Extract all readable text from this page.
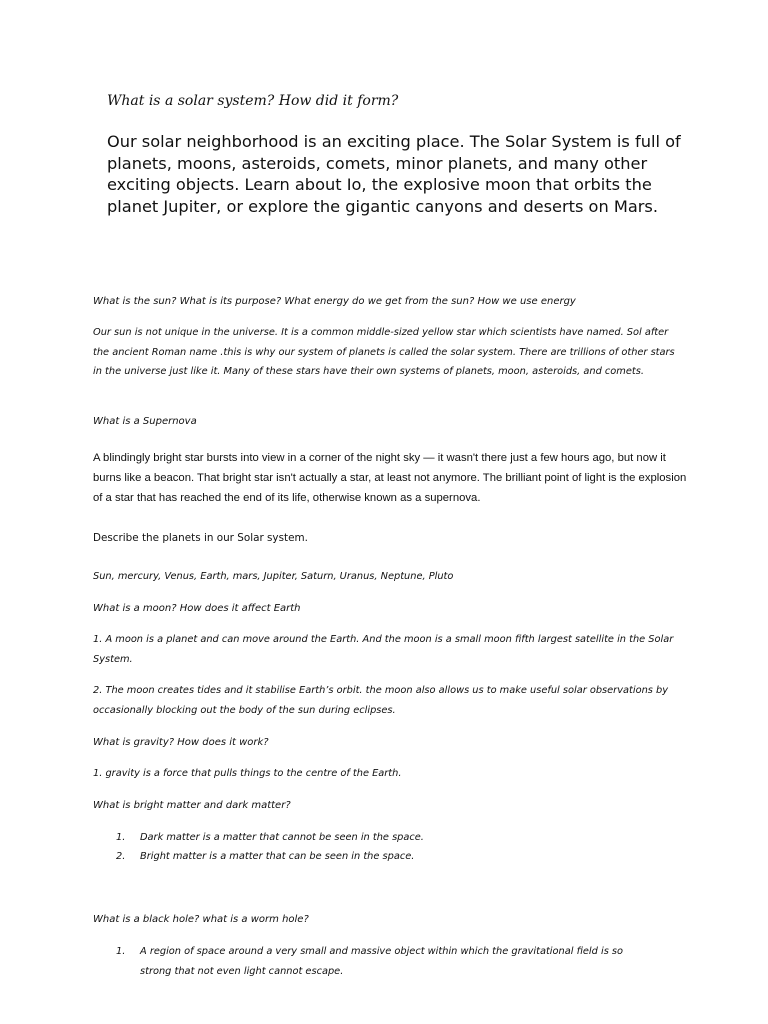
What is a solar system? How did it form?

Our solar neighborhood is an exciting place. The Solar System is full of planets, moons, asteroids, comets, minor planets, and many other exciting objects. Learn about Io, the explosive moon that orbits the planet Jupiter, or explore the gigantic canyons and deserts on Mars.

What is the sun? What is its purpose? What energy do we get from the sun? How we use energy

Our sun is not unique in the universe. It is a common middle-sized yellow star which scientists have named. Sol after the ancient Roman name .this is why our system of planets is called the solar system. There are trillions of other stars in the universe just like it. Many of these stars have their own systems of planets, moon, asteroids, and comets.

What is a Supernova

A blindingly bright star bursts into view in a corner of the night sky — it wasn't there just a few hours ago, but now it burns like a beacon. That bright star isn't actually a star, at least not anymore. The brilliant point of light is the explosion of a star that has reached the end of its life, otherwise known as a supernova.

Describe the planets in our Solar system.

Sun, mercury, Venus, Earth, mars, Jupiter, Saturn, Uranus, Neptune, Pluto

What is a moon? How does it affect Earth

1. A moon is a planet and can move around the Earth. And the moon is a small moon fifth largest satellite in the Solar System.

2. The moon creates tides and it stabilise Earth’s orbit. the moon also allows us to make useful solar observations by occasionally blocking out the body of the sun during eclipses.

What is gravity? How does it work?

1. gravity is a force that pulls things to the centre of the Earth.

What is bright matter and dark matter?

1. Dark matter is a matter that cannot be seen in the space.
2. Bright matter is a matter that can be seen in the space.

What is a black hole? what is a worm hole?

1. A region of space around a very small and massive object within which the gravitational field is so strong that not even light cannot escape.
